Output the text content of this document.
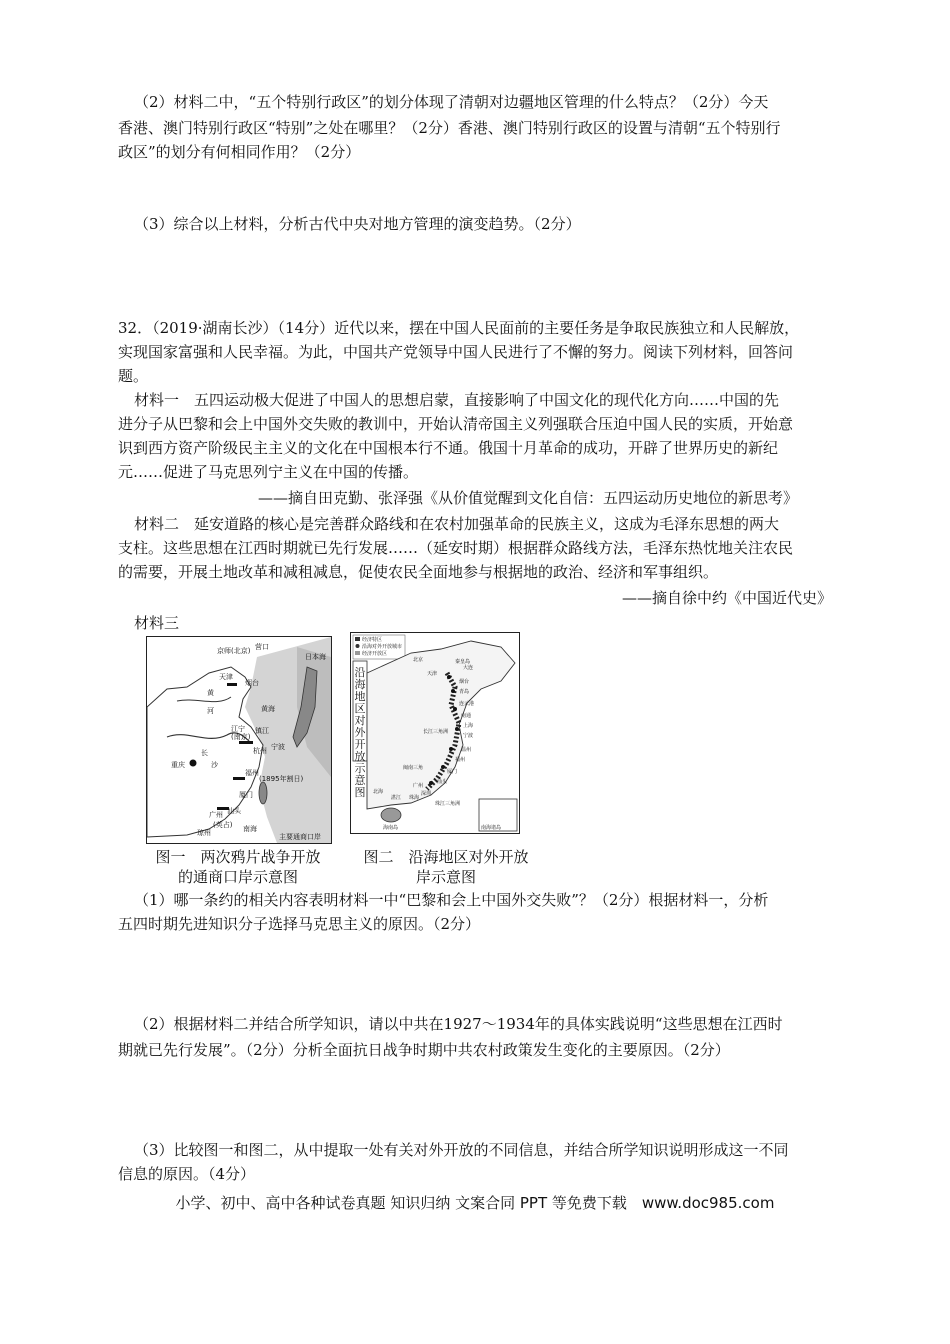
（2）材料二中，“五个特别行政区”的划分体现了清朝对边疆地区管理的什么特点？（2分）今天
香港、澳门特别行政区“特别”之处在哪里？（2分）香港、澳门特别行政区的设置与清朝“五个特别行
政区”的划分有何相同作用？（2分）
（3）综合以上材料，分析古代中央对地方管理的演变趋势。（2分）
32．（2019·湖南长沙）（14分）近代以来，摆在中国人民面前的主要任务是争取民族独立和人民解放，
实现国家富强和人民幸福。为此，中国共产党领导中国人民进行了不懈的努力。阅读下列材料，回答问
题。
材料一　五四运动极大促进了中国人的思想启蒙，直接影响了中国文化的现代化方向……中国的先
进分子从巴黎和会上中国外交失败的教训中，开始认清帝国主义列强联合压迫中国人民的实质，开始意
识到西方资产阶级民主主义的文化在中国根本行不通。俄国十月革命的成功，开辟了世界历史的新纪
元……促进了马克思列宁主义在中国的传播。
——摘自田克勤、张泽强《从价值觉醒到文化自信：五四运动历史地位的新思考》
材料二　延安道路的核心是完善群众路线和在农村加强革命的民族主义，这成为毛泽东思想的两大
支柱。这些思想在江西时期就已先行发展……（延安时期）根据群众路线方法，毛泽东热忱地关注农民
的需要，开展土地改革和减租减息，促使农民全面地参与根据地的政治、经济和军事组织。
——摘自徐中约《中国近代史》
材料三
京师(北京) 营口
天津
烟台
日本海
黄
河	黄海
江宁
(南京)
镇江
杭州 宁波
重庆
长
沙
(1895年割日)
福州
厦门
汕头
广州
(英占)
琼州	南海
主要通商口岸
图一　两次鸦片战争开放
的通商口岸示意图
经济特区
沿海对外开放城市
经济开放区
北京
大连
天津
秦皇岛
烟台
青岛
连云港
南通
上海
宁波
温州
福州
厦门
汕头
广州
深圳
珠海
湛江
北海
海南岛
长江三角洲
闽南三角
珠江三角洲
南海诸岛
沿海地区对外开放示意图
图二　沿海地区对外开放
岸示意图
（1）哪一条约的相关内容表明材料一中“巴黎和会上中国外交失败”？（2分）根据材料一，分析
五四时期先进知识分子选择马克思主义的原因。（2分）
（2）根据材料二并结合所学知识，请以中共在1927～1934年的具体实践说明“这些思想在江西时
期就已先行发展”。（2分）分析全面抗日战争时期中共农村政策发生变化的主要原因。（2分）
（3）比较图一和图二，从中提取一处有关对外开放的不同信息，并结合所学知识说明形成这一不同
信息的原因。（4分）
小学、初中、高中各种试卷真题 知识归纳 文案合同 PPT 等免费下载　www.doc985.com
